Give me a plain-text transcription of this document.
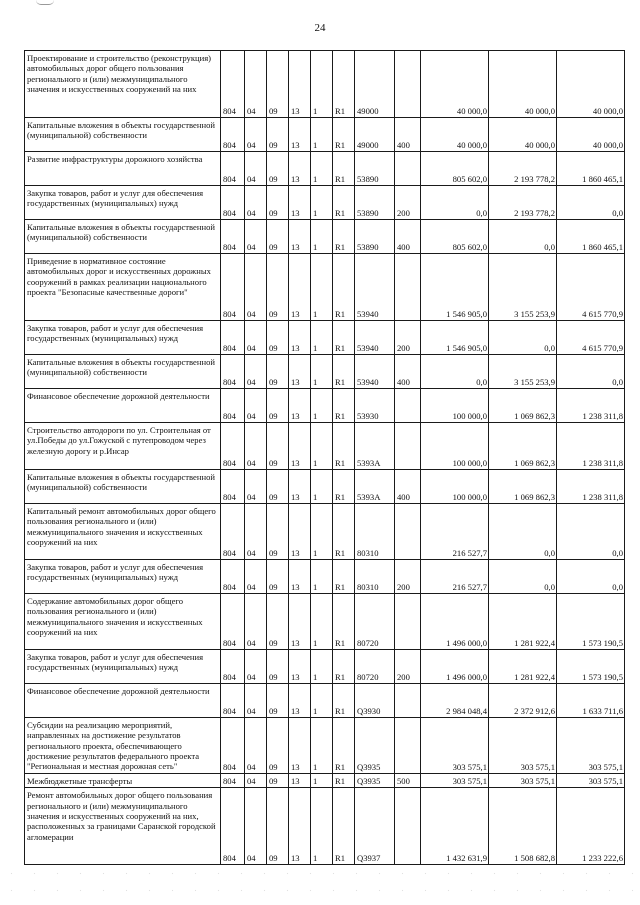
24
Проектирование и строительство (реконструкция) автомобильных дорог общего пользования регионального и (или) межмуниципального значения и искусственных сооружений на них	804	04	09	13	1	R1	49000		40 000,0	40 000,0	40 000,0
Капитальные вложения в объекты государственной (муниципальной) собственности	804	04	09	13	1	R1	49000	400	40 000,0	40 000,0	40 000,0
Развитие инфраструктуры дорожного хозяйства	804	04	09	13	1	R1	53890		805 602,0	2 193 778,2	1 860 465,1
Закупка товаров, работ и услуг для обеспечения государственных (муниципальных) нужд	804	04	09	13	1	R1	53890	200	0,0	2 193 778,2	0,0
Капитальные вложения в объекты государственной (муниципальной) собственности	804	04	09	13	1	R1	53890	400	805 602,0	0,0	1 860 465,1
Приведение в нормативное состояние автомобильных дорог и искусственных дорожных сооружений в рамках реализации национального проекта "Безопасные качественные дороги"	804	04	09	13	1	R1	53940		1 546 905,0	3 155 253,9	4 615 770,9
Закупка товаров, работ и услуг для обеспечения государственных (муниципальных) нужд	804	04	09	13	1	R1	53940	200	1 546 905,0	0,0	4 615 770,9
Капитальные вложения в объекты государственной (муниципальной) собственности	804	04	09	13	1	R1	53940	400	0,0	3 155 253,9	0,0
Финансовое обеспечение дорожной деятельности	804	04	09	13	1	R1	53930		100 000,0	1 069 862,3	1 238 311,8
Строительство автодороги по ул. Строительная от ул.Победы до ул.Гожуской с путепроводом через железную дорогу и р.Инсар	804	04	09	13	1	R1	5393A		100 000,0	1 069 862,3	1 238 311,8
Капитальные вложения в объекты государственной (муниципальной) собственности	804	04	09	13	1	R1	5393A	400	100 000,0	1 069 862,3	1 238 311,8
Капитальный ремонт автомобильных дорог общего пользования регионального и (или) межмуниципального значения и искусственных сооружений на них	804	04	09	13	1	R1	80310		216 527,7	0,0	0,0
Закупка товаров, работ и услуг для обеспечения государственных (муниципальных) нужд	804	04	09	13	1	R1	80310	200	216 527,7	0,0	0,0
Содержание автомобильных дорог общего пользования регионального и (или) межмуниципального значения и искусственных сооружений на них	804	04	09	13	1	R1	80720		1 496 000,0	1 281 922,4	1 573 190,5
Закупка товаров, работ и услуг для обеспечения государственных (муниципальных) нужд	804	04	09	13	1	R1	80720	200	1 496 000,0	1 281 922,4	1 573 190,5
Финансовое обеспечение дорожной деятельности	804	04	09	13	1	R1	Q3930		2 984 048,4	2 372 912,6	1 633 711,6
Субсидии на реализацию мероприятий, направленных на достижение результатов регионального проекта, обеспечивающего достижение результатов федерального проекта "Региональная и местная дорожная сеть"	804	04	09	13	1	R1	Q3935		303 575,1	303 575,1	303 575,1
Межбюджетные трансферты	804	04	09	13	1	R1	Q3935	500	303 575,1	303 575,1	303 575,1
Ремонт автомобильных дорог общего пользования регионального и (или) межмуниципального значения и искусственных сооружений на них, расположенных за границами Саранской городской агломерации	804	04	09	13	1	R1	Q3937		1 432 631,9	1 508 682,8	1 233 222,6
